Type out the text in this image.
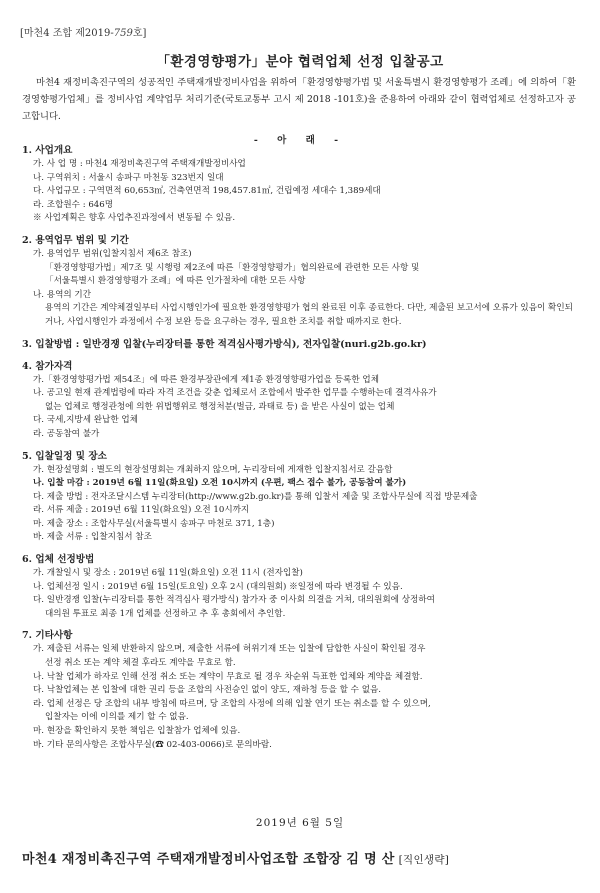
[마천4 조합 제2019-759호]
「환경영향평가」분야 협력업체 선정 입찰공고
마천4 재정비촉진구역의 성공적인 주택재개발정비사업을 위하여「환경영향평가법 및 서울특별시 환경영향평가 조례」에 의하여「환경영향평가업체」를 정비사업 계약업무 처리기준(국토교통부 고시 제 2018 -101호)을 준용하여 아래와 같이 협력업체로 선정하고자 공고합니다.
- 아 래 -
1. 사업개요
가. 사 업 명 : 마천4 재정비촉진구역 주택재개발정비사업
나. 구역위치 : 서울시 송파구 마천동 323번지 일대
다. 사업규모 : 구역면적 60,653㎡, 건축연면적 198,457.81㎡, 건립예정 세대수 1,389세대
라. 조합원수 : 646명
※ 사업계획은 향후 사업추진과정에서 변동될 수 있음.
2. 용역업무 범위 및 기간
가. 용역업무 범위(입찰지침서 제6조 참조)
「환경영향평가법」제7조 및 시행령 제2조에 따른「환경영향평가」협의완료에 관련한 모든 사항 및
「서울특별시 환경영향평가 조례」에 따른 인가절차에 대한 모든 사항
나. 용역의 기간
용역의 기간은 계약체결일부터 사업시행인가에 필요한 환경영향평가 협의 완료된 이후 종료한다. 다만, 제출된 보고서에 오류가 있음이 확인되거나, 사업시행인가 과정에서 수정 보완 등을 요구하는 경우, 필요한 조치를 취할 때까지로 한다.
3. 입찰방법 : 일반경쟁 입찰(누리장터를 통한 적격심사평가방식), 전자입찰(nuri.g2b.go.kr)
4. 참가자격
가.「환경영향평가법 제54조」에 따른 환경부장관에게 제1종 환경영향평가업을 등록한 업체
나. 공고일 현재 관계법령에 따라 자격 조건을 갖춘 업체로서 조합에서 발주한 업무를 수행하는데 결격사유가
없는 업체로 행정관청에 의한 위법행위로 행정처분(벌금, 과태료 등) 을 받은 사실이 없는 업체
다. 국세,지방세 완납한 업체
라. 공동참여 불가
5. 입찰일정 및 장소
가. 현장설명회 : 별도의 현장설명회는 개최하지 않으며, 누리장터에 게재한 입찰지침서로 갈음함
나. 입찰 마감 : 2019년 6월 11일(화요일) 오전 10시까지 (우편, 팩스 접수 불가, 공동참여 불가)
다. 제출 방법 : 전자조달시스템 누리장터(http://www.g2b.go.kr)를 통해 입찰서 제출 및 조합사무실에 직접 방문제출
라. 서류 제출 : 2019년 6월 11일(화요일) 오전 10시까지
마. 제출 장소 : 조합사무실(서울특별시 송파구 마천로 371, 1층)
바. 제출 서류 : 입찰지침서 참조
6. 업체 선정방법
가. 개찰일시 및 장소 : 2019년 6월 11일(화요일) 오전 11시 (전자입찰)
나. 업체선정 일시 : 2019년 6월 15일(토요일) 오후 2시 (대의원회) ※일정에 따라 변경될 수 있음.
다. 일반경쟁 입찰(누리장터를 통한 적격심사 평가방식) 참가자 중 이사회 의결을 거쳐, 대의원회에 상정하여
대의원 투표로 최종 1개 업체를 선정하고 추 후 총회에서 추인함.
7. 기타사항
가. 제출된 서류는 일체 반환하지 않으며, 제출한 서류에 허위기재 또는 입찰에 담합한 사실이 확인될 경우
선정 취소 또는 계약 체결 후라도 계약을 무효로 함.
나. 낙찰 업체가 하자로 인해 선정 취소 또는 계약이 무효로 될 경우 차순위 득표한 업체와 계약을 체결함.
다. 낙찰업체는 본 입찰에 대한 권리 등을 조합의 사전승인 없이 양도, 재하청 등을 할 수 없음.
라. 업체 선정은 당 조합의 내부 방침에 따르며, 당 조합의 사정에 의해 입찰 연기 또는 취소를 할 수 있으며,
입찰자는 이에 이의를 제기 할 수 없음.
마. 현장을 확인하지 못한 책임은 입찰참가 업체에 있음.
바. 기타 문의사항은 조합사무실(☎ 02-403-0066)로 문의바람.
2019년 6월 5일
마천4 재정비촉진구역 주택재개발정비사업조합 조합장 김 명 산 [직인생략]
